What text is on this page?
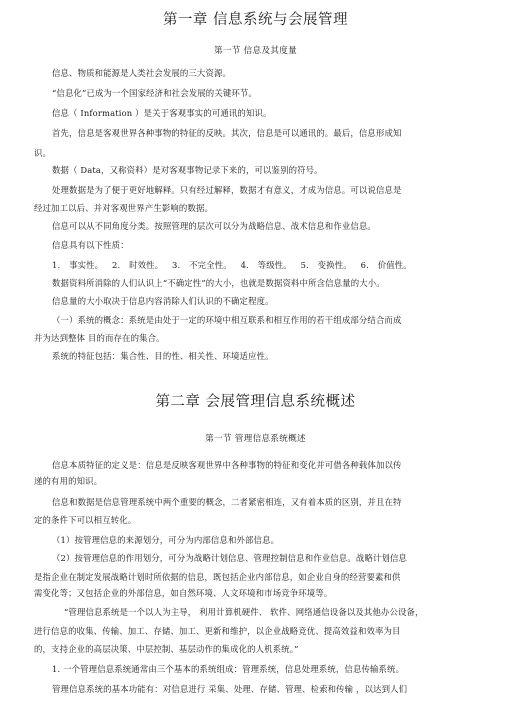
第一章 信息系统与会展管理
第一节 信息及其度量
信息、物质和能源是人类社会发展的三大资源。
“信息化”已成为一个国家经济和社会发展的关键环节。
信息（ Information ）是关于客观事实的可通讯的知识。
首先，信息是客观世界各种事物的特征的反映。其次，信息是可以通讯的。最后，信息形成知
识。
数据（ Data，又称资料）是对客观事物记录下来的，可以鉴别的符号。
处理数据是为了便于更好地解释。只有经过解释，数据才有意义，才成为信息。可以说信息是
经过加工以后、并对客观世界产生影响的数据。
信息可以从不同角度分类。按照管理的层次可以分为战略信息、战术信息和作业信息。
信息具有以下性质：
1. 事实性。 2. 时效性。 3. 不完全性。 4. 等级性。 5. 变换性。 6. 价值性。
数据资料所消除的人们认识上“不确定性”的大小，也就是数据资料中所含信息量的大小。
信息量的大小取决于信息内容消除人们认识的不确定程度。
（一）系统的概念：系统是由处于一定的环境中相互联系和相互作用的若干组成部分结合而成
并为达到整体 目的而存在的集合。
系统的特征包括：集合性、目的性、相关性、环境适应性。
第二章 会展管理信息系统概述
第一节 管理信息系统概述
信息本质特征的定义是：信息是反映客观世界中各种事物的特征和变化并可借各种载体加以传
递的有用的知识。
信息和数据是信息管理系统中两个重要的概念，二者紧密相连，又有着本质的区别，并且在特
定的条件下可以相互转化。
（1）按管理信息的来源划分，可分为内部信息和外部信息。
（2）按管理信息的作用划分，可分为战略计划信息、管理控制信息和作业信息。战略计划信息
是指企业在制定发展战略计划时所依据的信息，既包括企业内部信息，如企业自身的经营要素和供
需变化等；又包括企业的外部信息，如自然环境、人文环境和市场竞争环境等。
“管理信息系统是一个以人为主导， 利用计算机硬件、 软件、网络通信设备以及其他办公设备，
进行信息的收集、传输、加工、存储、加工、更新和维护，以企业战略竞优、提高效益和效率为目
的，支持企业的高层决策、中层控制、基层动作的集成化的人机系统。”
1. 一个管理信息系统通常由三个基本的系统组成：管理系统，信息处理系统，信息传输系统。
管理信息系统的基本功能有：对信息进行 采集、处理、存储、管理、检索和传输 ，以达到人们
